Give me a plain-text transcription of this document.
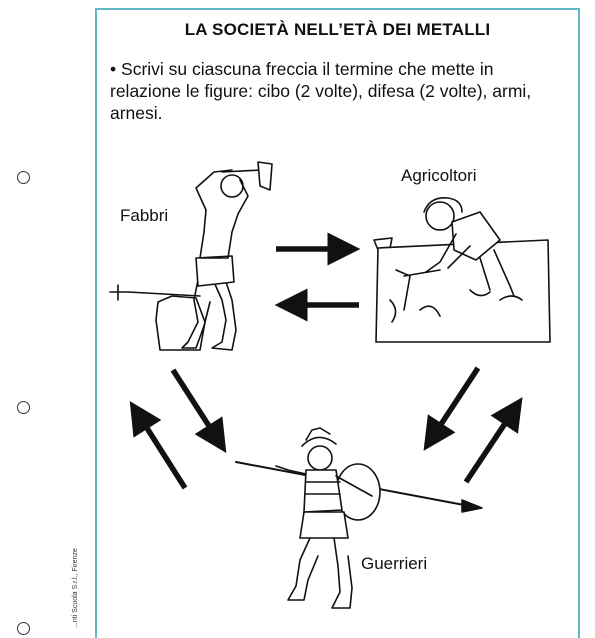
LA SOCIETÀ NELL’ETÀ DEI METALLI
• Scrivi su ciascuna freccia il termine che mette in relazione le figure: cibo (2 volte), difesa (2 volte), armi, arnesi.
Fabbri
Agricoltori
Guerrieri
...nti Scuola S.r.l., Firenze
